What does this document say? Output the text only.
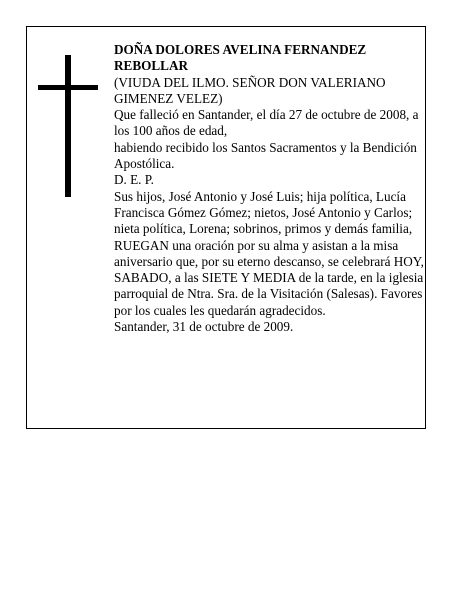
DOÑA DOLORES AVELINA FERNANDEZ REBOLLAR

(VIUDA DEL ILMO. SEÑOR DON VALERIANO GIMENEZ VELEZ)

Que falleció en Santander, el día 27 de octubre de 2008, a los 100 años de edad,

habiendo recibido los Santos Sacramentos y la Bendición Apostólica.

D. E. P.

Sus hijos, José Antonio y José Luis; hija política, Lucía Francisca Gómez Gómez; nietos, José Antonio y Carlos; nieta política, Lorena; sobrinos, primos y demás familia,

RUEGAN una oración por su alma y asistan a la misa aniversario que, por su eterno descanso, se celebrará HOY, SABADO, a las SIETE Y MEDIA de la tarde, en la iglesia parroquial de Ntra. Sra. de la Visitación (Salesas). Favores por los cuales les quedarán agradecidos.

Santander, 31 de octubre de 2009.
